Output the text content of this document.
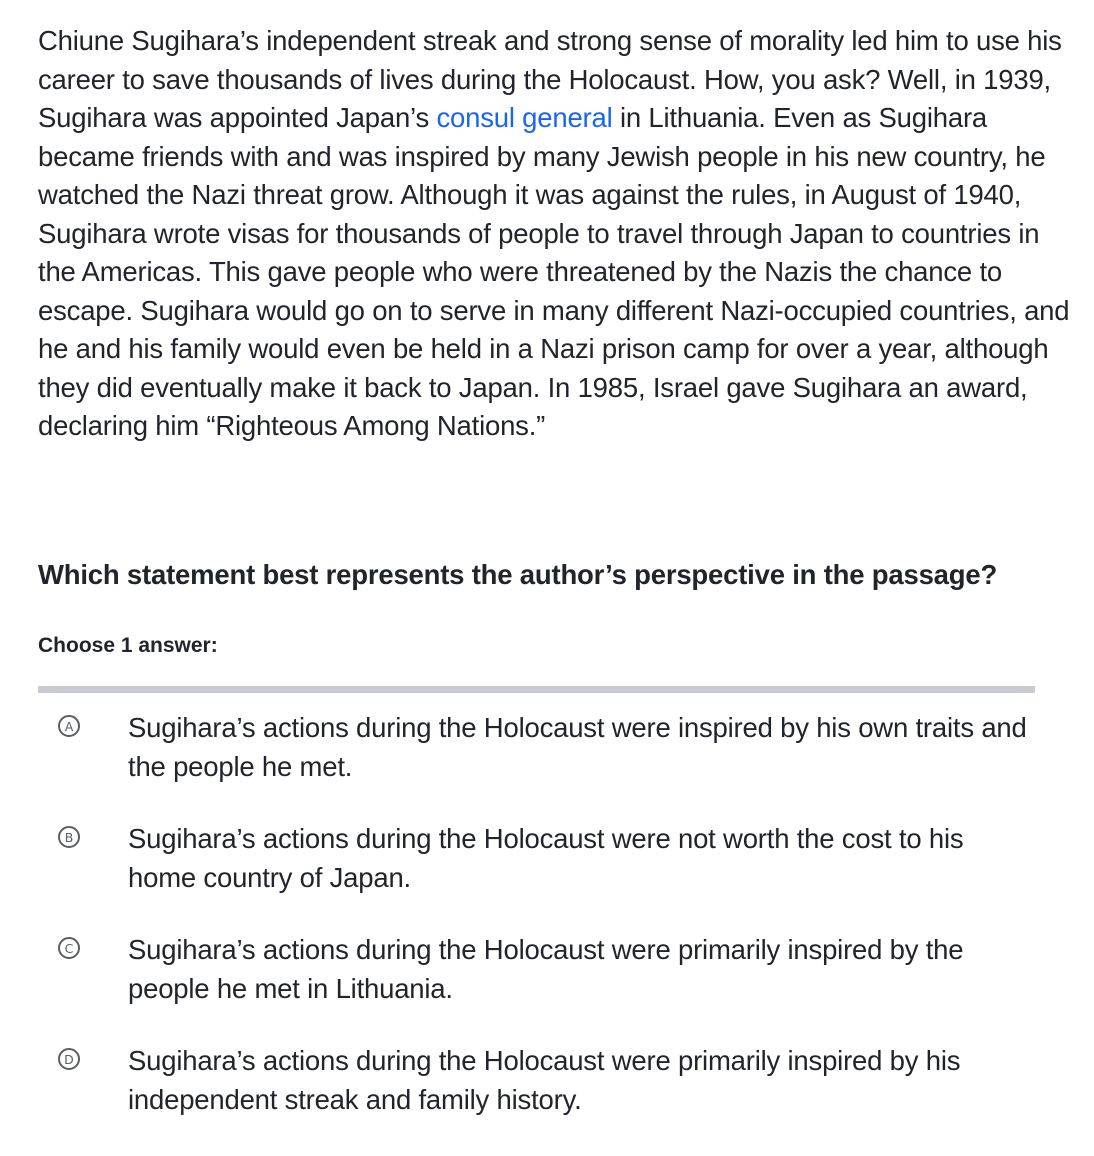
Chiune Sugihara’s independent streak and strong sense of morality led him to use his career to save thousands of lives during the Holocaust. How, you ask? Well, in 1939, Sugihara was appointed Japan’s consul general in Lithuania. Even as Sugihara became friends with and was inspired by many Jewish people in his new country, he watched the Nazi threat grow. Although it was against the rules, in August of 1940, Sugihara wrote visas for thousands of people to travel through Japan to countries in the Americas. This gave people who were threatened by the Nazis the chance to escape. Sugihara would go on to serve in many different Nazi-occupied countries, and he and his family would even be held in a Nazi prison camp for over a year, although they did eventually make it back to Japan. In 1985, Israel gave Sugihara an award, declaring him “Righteous Among Nations.”
Which statement best represents the author’s perspective in the passage?
Choose 1 answer:
A Sugihara’s actions during the Holocaust were inspired by his own traits and the people he met.
B Sugihara’s actions during the Holocaust were not worth the cost to his home country of Japan.
C Sugihara’s actions during the Holocaust were primarily inspired by the people he met in Lithuania.
D Sugihara’s actions during the Holocaust were primarily inspired by his independent streak and family history.
